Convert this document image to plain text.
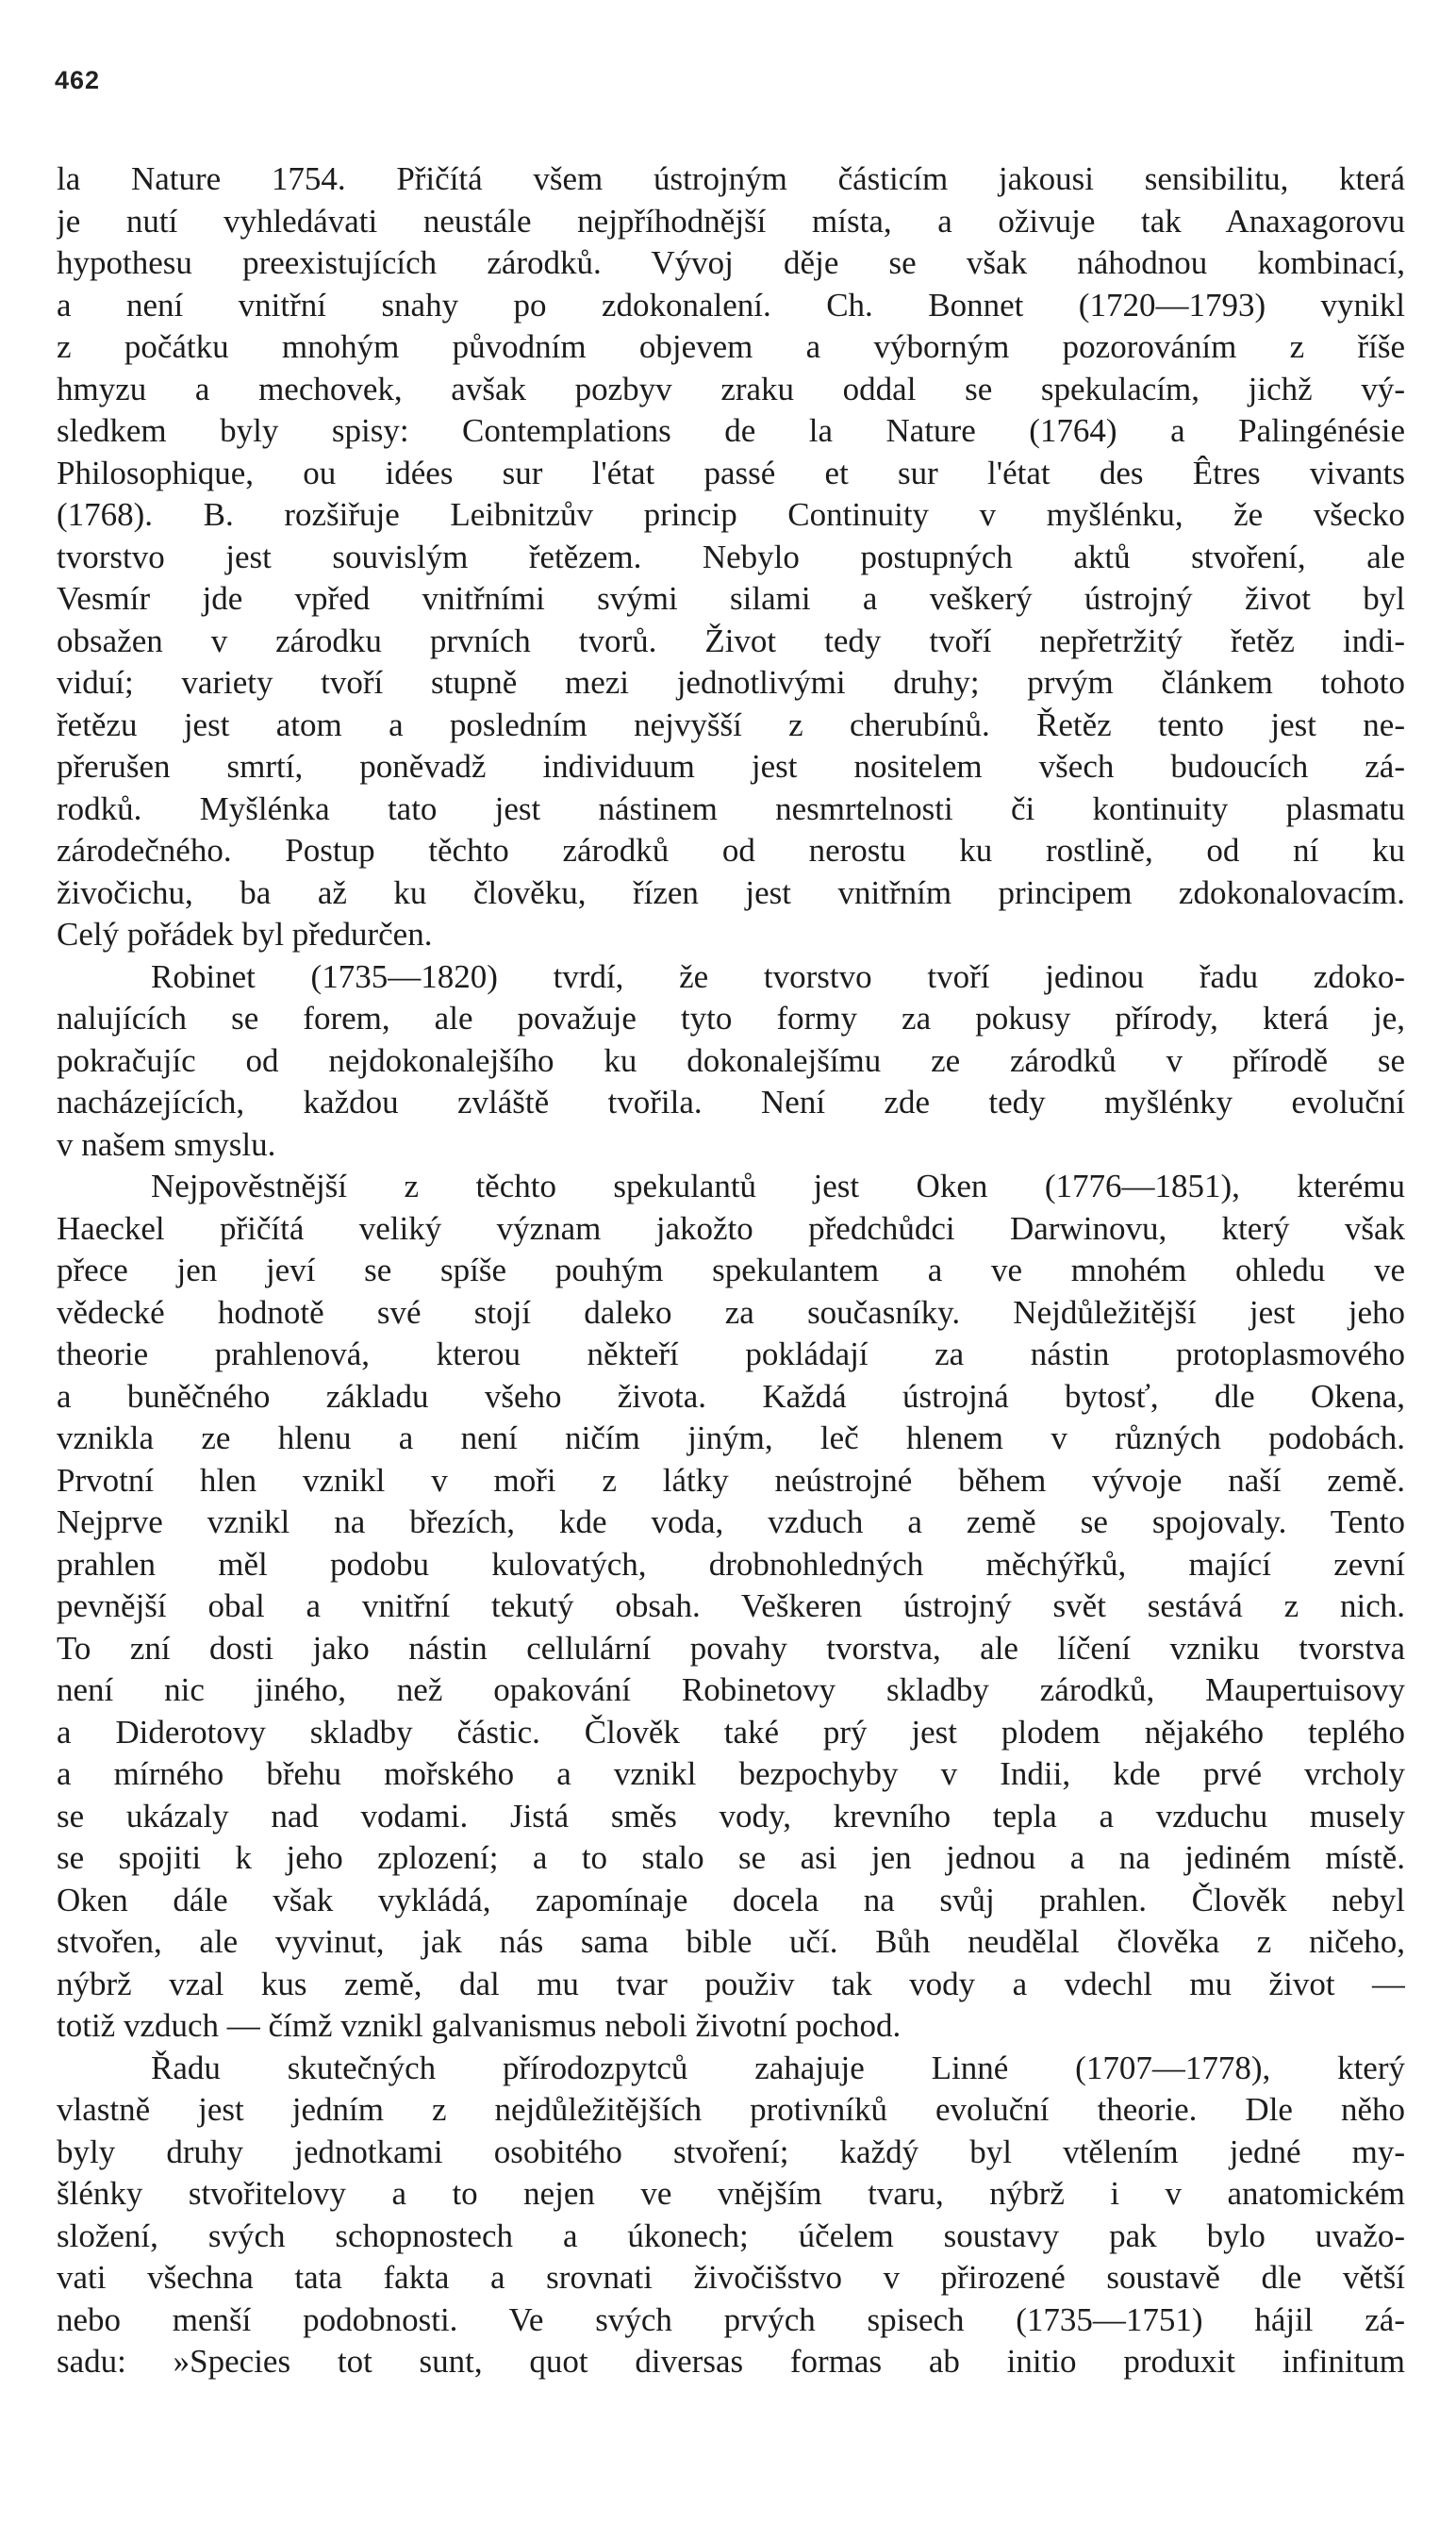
462
la Nature 1754. Přičítá všem ústrojným částicím jakousi sensibilitu, která
je nutí vyhledávati neustále nejpříhodnější místa, a oživuje tak Anaxagorovu
hypothesu preexistujících zárodků. Vývoj děje se však náhodnou kombinací,
a není vnitřní snahy po zdokonalení. Ch. Bonnet (1720—1793) vynikl
z počátku mnohým původním objevem a výborným pozorováním z říše
hmyzu a mechovek, avšak pozbyv zraku oddal se spekulacím, jichž vý-
sledkem byly spisy: Contemplations de la Nature (1764) a Palingénésie
Philosophique, ou idées sur l'état passé et sur l'état des Êtres vivants
(1768). B. rozšiřuje Leibnitzův princip Continuity v myšlénku, že všecko
tvorstvo jest souvislým řetězem. Nebylo postupných aktů stvoření, ale
Vesmír jde vpřed vnitřními svými silami a veškerý ústrojný život byl
obsažen v zárodku prvních tvorů. Život tedy tvoří nepřetržitý řetěz indi-
viduí; variety tvoří stupně mezi jednotlivými druhy; prvým článkem tohoto
řetězu jest atom a posledním nejvyšší z cherubínů. Řetěz tento jest ne-
přerušen smrtí, poněvadž individuum jest nositelem všech budoucích zá-
rodků. Myšlénka tato jest nástinem nesmrtelnosti či kontinuity plasmatu
zárodečného. Postup těchto zárodků od nerostu ku rostlině, od ní ku
živočichu, ba až ku člověku, řízen jest vnitřním principem zdokonalovacím.
Celý pořádek byl předurčen.
Robinet (1735—1820) tvrdí, že tvorstvo tvoří jedinou řadu zdoko-
nalujících se forem, ale považuje tyto formy za pokusy přírody, která je,
pokračujíc od nejdokonalejšího ku dokonalejšímu ze zárodků v přírodě se
nacházejících, každou zvláště tvořila. Není zde tedy myšlénky evoluční
v našem smyslu.
Nejpověstnější z těchto spekulantů jest Oken (1776—1851), kterému
Haeckel přičítá veliký význam jakožto předchůdci Darwinovu, který však
přece jen jeví se spíše pouhým spekulantem a ve mnohém ohledu ve
vědecké hodnotě své stojí daleko za současníky. Nejdůležitější jest jeho
theorie prahlenová, kterou někteří pokládají za nástin protoplasmového
a buněčného základu všeho života. Každá ústrojná bytosť, dle Okena,
vznikla ze hlenu a není ničím jiným, leč hlenem v různých podobách.
Prvotní hlen vznikl v moři z látky neústrojné během vývoje naší země.
Nejprve vznikl na březích, kde voda, vzduch a země se spojovaly. Tento
prahlen měl podobu kulovatých, drobnohledných měchýřků, mající zevní
pevnější obal a vnitřní tekutý obsah. Veškeren ústrojný svět sestává z nich.
To zní dosti jako nástin cellulární povahy tvorstva, ale líčení vzniku tvorstva
není nic jiného, než opakování Robinetovy skladby zárodků, Maupertuisovy
a Diderotovy skladby částic. Člověk také prý jest plodem nějakého teplého
a mírného břehu mořského a vznikl bezpochyby v Indii, kde prvé vrcholy
se ukázaly nad vodami. Jistá směs vody, krevního tepla a vzduchu musely
se spojiti k jeho zplození; a to stalo se asi jen jednou a na jediném místě.
Oken dále však vykládá, zapomínaje docela na svůj prahlen. Člověk nebyl
stvořen, ale vyvinut, jak nás sama bible učí. Bůh neudělal člověka z ničeho,
nýbrž vzal kus země, dal mu tvar použiv tak vody a vdechl mu život —
totiž vzduch — čímž vznikl galvanismus neboli životní pochod.
Řadu skutečných přírodozpytců zahajuje Linné (1707—1778), který
vlastně jest jedním z nejdůležitějších protivníků evoluční theorie. Dle něho
byly druhy jednotkami osobitého stvoření; každý byl vtělením jedné my-
šlénky stvořitelovy a to nejen ve vnějším tvaru, nýbrž i v anatomickém
složení, svých schopnostech a úkonech; účelem soustavy pak bylo uvažo-
vati všechna tata fakta a srovnati živočišstvo v přirozené soustavě dle větší
nebo menší podobnosti. Ve svých prvých spisech (1735—1751) hájil zá-
sadu: »Species tot sunt, quot diversas formas ab initio produxit infinitum
